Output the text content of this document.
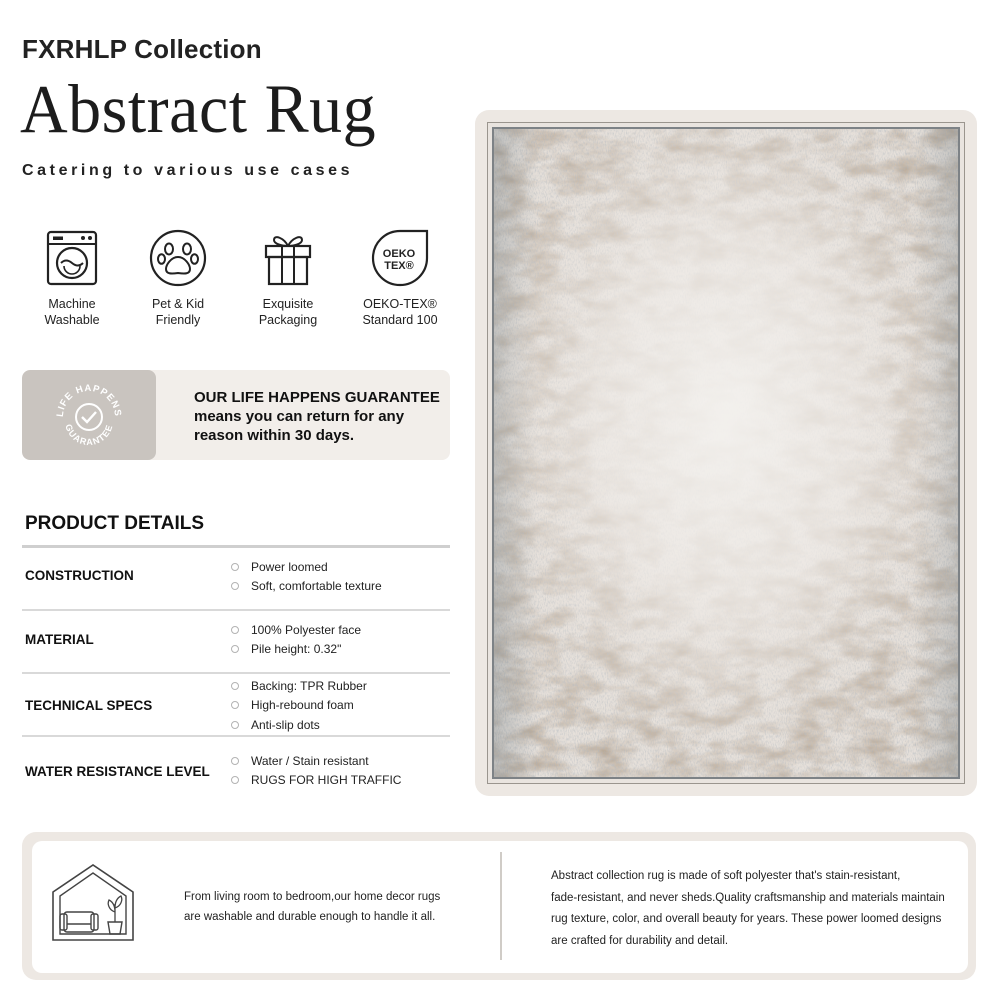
FXRHLP Collection
Abstract Rug
Catering to various use cases
Machine
Washable
Pet & Kid
Friendly
Exquisite
Packaging
OEKO
TEX®
OEKO-TEX®
Standard 100
LIFE HAPPENS
GUARANTEE
OUR LIFE HAPPENS GUARANTEE
means you can return for any
reason within 30 days.
PRODUCT DETAILS
CONSTRUCTION
Power loomed
Soft, comfortable texture
MATERIAL
100% Polyester face
Pile height: 0.32"
TECHNICAL SPECS
Backing: TPR Rubber
High-rebound foam
Anti-slip dots
WATER RESISTANCE LEVEL
Water / Stain resistant
RUGS FOR HIGH TRAFFIC
From living room to bedroom,our home decor rugs
are washable and durable enough to handle it all.
Abstract collection rug is made of soft polyester that's stain-resistant,
fade-resistant, and never sheds.Quality craftsmanship and materials maintain
rug texture, color, and overall beauty for years. These power loomed designs
are crafted for durability and detail.
